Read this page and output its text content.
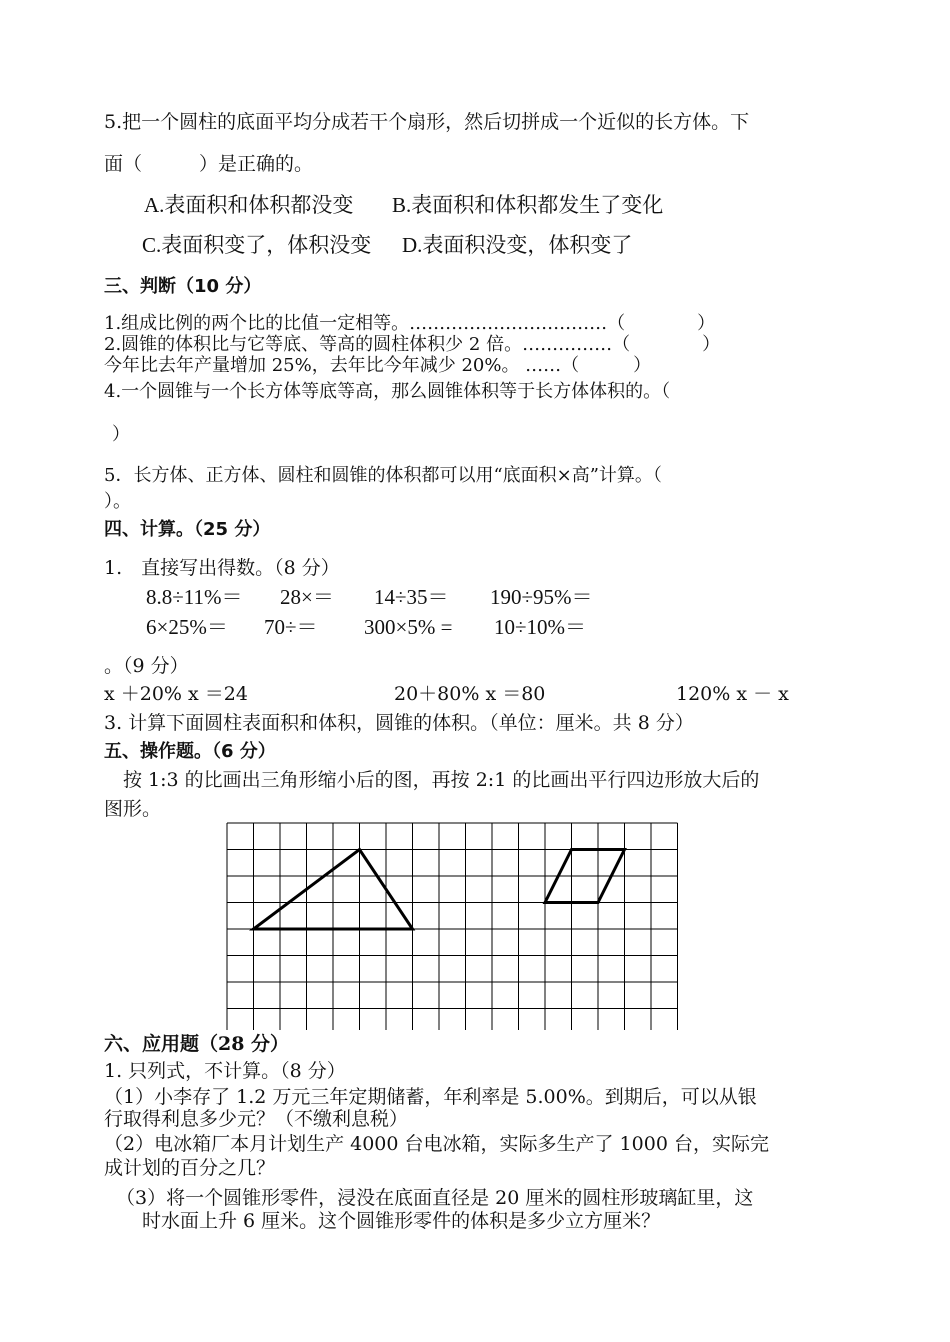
5.把一个圆柱的底面平均分成若干个扇形，然后切拼成一个近似的长方体。下
面（　　　）是正确的。
A.表面积和体积都没变 B.表面积和体积都发生了变化
C.表面积变了，体积没变 D.表面积没变，体积变了
三、判断（10 分）
1.组成比例的两个比的比值一定相等。……………………………（　　　　）
2.圆锥的体积比与它等底、等高的圆柱体积少 2 倍。……………（　　　　）
今年比去年产量增加 25%，去年比今年减少 20%。 ……（　　　）
4.一个圆锥与一个长方体等底等高，那么圆锥体积等于长方体体积的。（
）
5．长方体、正方体、圆柱和圆锥的体积都可以用“底面积×高”计算。（
）。
四、计算。（25 分）
1.　直接写出得数。（8 分）
8.8÷11%＝ 28×＝ 14÷35＝ 190÷95%＝
6×25%＝ 70÷＝ 300×5% = 10÷10%＝
。（9 分）
x ＋20% x ＝24	20＋80% x ＝80	120% x － x
3. 计算下面圆柱表面积和体积，圆锥的体积。（单位：厘米。共 8 分）
五、操作题。（6 分）
　按 1:3 的比画出三角形缩小后的图，再按 2:1 的比画出平行四边形放大后的
图形。
六、应用题（28 分）
1. 只列式，不计算。（8 分）
（1）小李存了 1.2 万元三年定期储蓄，年利率是 5.00%。到期后，可以从银
行取得利息多少元？（不缴利息税）
（2）电冰箱厂本月计划生产 4000 台电冰箱，实际多生产了 1000 台，实际完
成计划的百分之几？
（3）将一个圆锥形零件，浸没在底面直径是 20 厘米的圆柱形玻璃缸里，这
时水面上升 6 厘米。这个圆锥形零件的体积是多少立方厘米？
